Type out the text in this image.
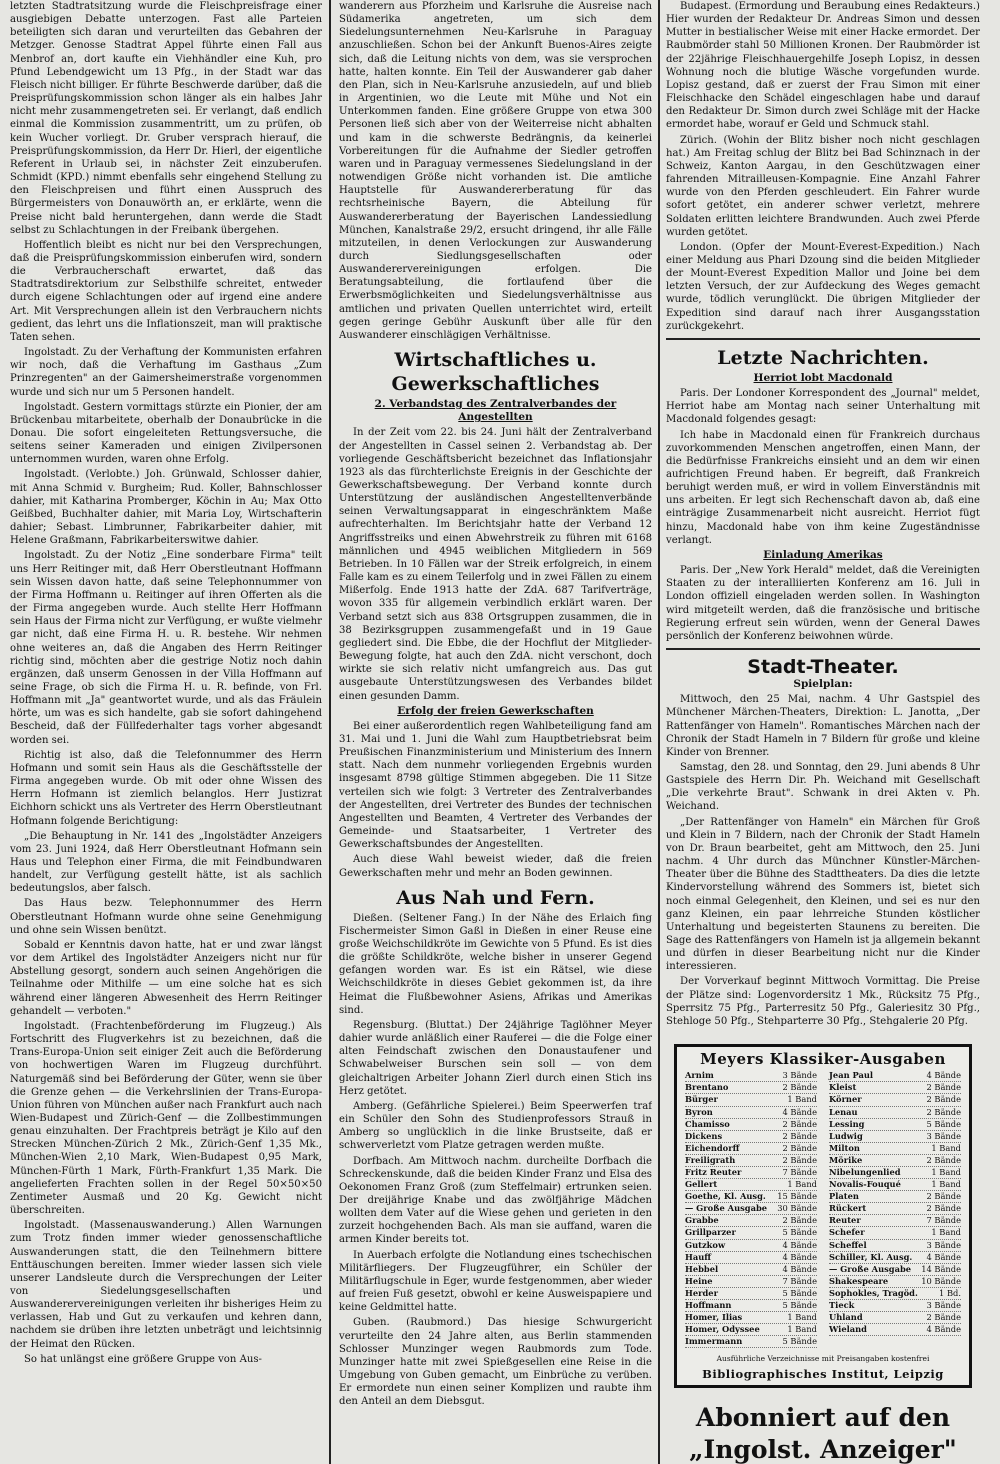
letzten Stadtratsitzung wurde die Fleischpreisfrage einer ausgiebigen Debatte unterzogen. Fast alle Parteien beteiligten sich daran und verurteilten das Gebahren der Metzger. Genosse Stadtrat Appel führte einen Fall aus Menbrof an, dort kaufte ein Viehhändler eine Kuh, pro Pfund Lebendgewicht um 13 Pfg., in der Stadt war das Fleisch nicht billiger. Er führte Beschwerde darüber, daß die Preisprüfungskommission schon länger als ein halbes Jahr nicht mehr zusammengetreten sei. Er verlangt, daß endlich einmal die Kommission zusammentritt, um zu prüfen, ob kein Wucher vorliegt. Dr. Gruber versprach hierauf, die Preisprüfungskommission, da Herr Dr. Hierl, der eigentliche Referent in Urlaub sei, in nächster Zeit einzuberufen. Schmidt (KPD.) nimmt ebenfalls sehr eingehend Stellung zu den Fleischpreisen und führt einen Ausspruch des Bürgermeisters von Donauwörth an, er erklärte, wenn die Preise nicht bald heruntergehen, dann werde die Stadt selbst zu Schlachtungen in der Freibank übergehen.

Hoffentlich bleibt es nicht nur bei den Versprechungen, daß die Preisprüfungskommission einberufen wird, sondern die Verbraucherschaft erwartet, daß das Stadtratsdirektorium zur Selbsthilfe schreitet, entweder durch eigene Schlachtungen oder auf irgend eine andere Art. Mit Versprechungen allein ist den Verbrauchern nichts gedient, das lehrt uns die Inflationszeit, man will praktische Taten sehen.

Ingolstadt. Zu der Verhaftung der Kommunisten erfahren wir noch, daß die Verhaftung im Gasthaus „Zum Prinzregenten" an der Gaimersheimerstraße vorgenommen wurde und sich nur um 5 Personen handelt.

Ingolstadt. Gestern vormittags stürzte ein Pionier, der am Brückenbau mitarbeitete, oberhalb der Donaubrücke in die Donau. Die sofort eingeleiteten Rettungsversuche, die seitens seiner Kameraden und einigen Zivilpersonen unternommen wurden, waren ohne Erfolg.

Ingolstadt. (Verlobte.) Joh. Grünwald, Schlosser dahier, mit Anna Schmid v. Burgheim; Rud. Koller, Bahnschlosser dahier, mit Katharina Promberger, Köchin in Au; Max Otto Geißbed, Buchhalter dahier, mit Maria Loy, Wirtschafterin dahier; Sebast. Limbrunner, Fabrikarbeiter dahier, mit Helene Graßmann, Fabrikarbeiterswitwe dahier.

Ingolstadt. Zu der Notiz „Eine sonderbare Firma" teilt uns Herr Reitinger mit, daß Herr Oberstleutnant Hoffmann sein Wissen davon hatte, daß seine Telephonnummer von der Firma Hoffmann u. Reitinger auf ihren Offerten als die der Firma angegeben wurde. Auch stellte Herr Hoffmann sein Haus der Firma nicht zur Verfügung, er wußte vielmehr gar nicht, daß eine Firma H. u. R. bestehe. Wir nehmen ohne weiteres an, daß die Angaben des Herrn Reitinger richtig sind, möchten aber die gestrige Notiz noch dahin ergänzen, daß unserm Genossen in der Villa Hoffmann auf seine Frage, ob sich die Firma H. u. R. befinde, von Frl. Hoffmann mit „Ja" geantwortet wurde, und als das Fräulein hörte, um was es sich handelte, gab sie sofort dahingehend Bescheid, daß der Füllfederhalter tags vorher abgesandt worden sei.

Richtig ist also, daß die Telefonnummer des Herrn Hofmann und somit sein Haus als die Geschäftsstelle der Firma angegeben wurde. Ob mit oder ohne Wissen des Herrn Hofmann ist ziemlich belanglos. Herr Justizrat Eichhorn schickt uns als Vertreter des Herrn Oberstleutnant Hofmann folgende Berichtigung:

„Die Behauptung in Nr. 141 des „Ingolstädter Anzeigers vom 23. Juni 1924, daß Herr Oberstleutnant Hofmann sein Haus und Telephon einer Firma, die mit Feindbundwaren handelt, zur Verfügung gestellt hätte, ist als sachlich bedeutungslos, aber falsch.

Das Haus bezw. Telephonnummer des Herrn Oberstleutnant Hofmann wurde ohne seine Genehmigung und ohne sein Wissen benützt.

Sobald er Kenntnis davon hatte, hat er und zwar längst vor dem Artikel des Ingolstädter Anzeigers nicht nur für Abstellung gesorgt, sondern auch seinen Angehörigen die Teilnahme oder Mithilfe — um eine solche hat es sich während einer längeren Abwesenheit des Herrn Reitinger gehandelt — verboten."

Ingolstadt. (Frachtenbeförderung im Flugzeug.) Als Fortschritt des Flugverkehrs ist zu bezeichnen, daß die Trans-Europa-Union seit einiger Zeit auch die Beförderung von hochwertigen Waren im Flugzeug durchführt. Naturgemäß sind bei Beförderung der Güter, wenn sie über die Grenze gehen — die Verkehrslinien der Trans-Europa-Union führen von München außer nach Frankfurt auch nach Wien-Budapest und Zürich-Genf — die Zollbestimmungen genau einzuhalten. Der Frachtpreis beträgt je Kilo auf den Strecken München-Zürich 2 Mk., Zürich-Genf 1,35 Mk., München-Wien 2,10 Mark, Wien-Budapest 0,95 Mark, München-Fürth 1 Mark, Fürth-Frankfurt 1,35 Mark. Die angelieferten Frachten sollen in der Regel 50×50×50 Zentimeter Ausmaß und 20 Kg. Gewicht nicht überschreiten.

Ingolstadt. (Massenauswanderung.) Allen Warnungen zum Trotz finden immer wieder genossenschaftliche Auswanderungen statt, die den Teilnehmern bittere Enttäuschungen bereiten. Immer wieder lassen sich viele unserer Landsleute durch die Versprechungen der Leiter von Siedelungsgesellschaften und Auswanderervereinigungen verleiten ihr bisheriges Heim zu verlassen, Hab und Gut zu verkaufen und kehren dann, nachdem sie drüben ihre letzten unbeträgt und leichtsinnig der Heimat den Rücken.

So hat unlängst eine größere Gruppe von Aus-

wanderern aus Pforzheim und Karlsruhe die Ausreise nach Südamerika angetreten, um sich dem Siedelungsunternehmen Neu-Karlsruhe in Paraguay anzuschließen. Schon bei der Ankunft Buenos-Aires zeigte sich, daß die Leitung nichts von dem, was sie versprochen hatte, halten konnte. Ein Teil der Auswanderer gab daher den Plan, sich in Neu-Karlsruhe anzusiedeln, auf und blieb in Argentinien, wo die Leute mit Mühe und Not ein Unterkommen fanden. Eine größere Gruppe von etwa 300 Personen ließ sich aber von der Weiterreise nicht abhalten und kam in die schwerste Bedrängnis, da keinerlei Vorbereitungen für die Aufnahme der Siedler getroffen waren und in Paraguay vermessenes Siedelungsland in der notwendigen Größe nicht vorhanden ist. Die amtliche Hauptstelle für Auswandererberatung für das rechtsrheinische Bayern, die Abteilung für Auswandererberatung der Bayerischen Landessiedlung München, Kanalstraße 29/2, ersucht dringend, ihr alle Fälle mitzuteilen, in denen Verlockungen zur Auswanderung durch Siedlungsgesellschaften oder Auswanderervereinigungen erfolgen. Die Beratungsabteilung, die fortlaufend über die Erwerbsmöglichkeiten und Siedelungsverhältnisse aus amtlichen und privaten Quellen unterrichtet wird, erteilt gegen geringe Gebühr Auskunft über alle für den Auswanderer einschlägigen Verhältnisse.

Wirtschaftliches u. Gewerkschaftliches
2. Verbandstag des Zentralverbandes der Angestellten

In der Zeit vom 22. bis 24. Juni hält der Zentralverband der Angestellten in Cassel seinen 2. Verbandstag ab. Der vorliegende Geschäftsbericht bezeichnet das Inflationsjahr 1923 als das fürchterlichste Ereignis in der Geschichte der Gewerkschaftsbewegung. Der Verband konnte durch Unterstützung der ausländischen Angestelltenverbände seinen Verwaltungsapparat in eingeschränktem Maße aufrechterhalten. Im Berichtsjahr hatte der Verband 12 Angriffsstreiks und einen Abwehrstreik zu führen mit 6168 männlichen und 4945 weiblichen Mitgliedern in 569 Betrieben. In 10 Fällen war der Streik erfolgreich, in einem Falle kam es zu einem Teilerfolg und in zwei Fällen zu einem Mißerfolg. Ende 1913 hatte der ZdA. 687 Tarifverträge, wovon 335 für allgemein verbindlich erklärt waren. Der Verband setzt sich aus 838 Ortsgruppen zusammen, die in 38 Bezirksgruppen zusammengefaßt und in 19 Gaue gegliedert sind. Die Ebbe, die der Hochflut der Mitglieder-Bewegung folgte, hat auch den ZdA. nicht verschont, doch wirkte sie sich relativ nicht umfangreich aus. Das gut ausgebaute Unterstützungswesen des Verbandes bildet einen gesunden Damm.

Erfolg der freien Gewerkschaften

Bei einer außerordentlich regen Wahlbeteiligung fand am 31. Mai und 1. Juni die Wahl zum Hauptbetriebsrat beim Preußischen Finanzministerium und Ministerium des Innern statt. Nach dem nunmehr vorliegenden Ergebnis wurden insgesamt 8798 gültige Stimmen abgegeben. Die 11 Sitze verteilen sich wie folgt: 3 Vertreter des Zentralverbandes der Angestellten, drei Vertreter des Bundes der technischen Angestellten und Beamten, 4 Vertreter des Verbandes der Gemeinde- und Staatsarbeiter, 1 Vertreter des Gewerkschaftsbundes der Angestellten.

Auch diese Wahl beweist wieder, daß die freien Gewerkschaften mehr und mehr an Boden gewinnen.

Aus Nah und Fern.

Dießen. (Seltener Fang.) In der Nähe des Erlaich fing Fischermeister Simon Gaßl in Dießen in einer Reuse eine große Weichschildkröte im Gewichte von 5 Pfund. Es ist dies die größte Schildkröte, welche bisher in unserer Gegend gefangen worden war. Es ist ein Rätsel, wie diese Weichschildkröte in dieses Gebiet gekommen ist, da ihre Heimat die Flußbewohner Asiens, Afrikas und Amerikas sind.

Regensburg. (Bluttat.) Der 24jährige Taglöhner Meyer dahier wurde anläßlich einer Rauferei — die die Folge einer alten Feindschaft zwischen den Donaustaufener und Schwabelweiser Burschen sein soll — von dem gleichaltrigen Arbeiter Johann Zierl durch einen Stich ins Herz getötet.

Amberg. (Gefährliche Spielerei.) Beim Speerwerfen traf ein Schüler den Sohn des Studienprofessors Strauß in Amberg so unglücklich in die linke Brustseite, daß er schwerverletzt vom Platze getragen werden mußte.

Dorfbach. Am Mittwoch nachm. durcheilte Dorfbach die Schreckenskunde, daß die beiden Kinder Franz und Elsa des Oekonomen Franz Groß (zum Steffelmair) ertrunken seien. Der dreijährige Knabe und das zwölfjährige Mädchen wollten dem Vater auf die Wiese gehen und gerieten in den zurzeit hochgehenden Bach. Als man sie auffand, waren die armen Kinder bereits tot.

In Auerbach erfolgte die Notlandung eines tschechischen Militärfliegers. Der Flugzeugführer, ein Schüler der Militärflugschule in Eger, wurde festgenommen, aber wieder auf freien Fuß gesetzt, obwohl er keine Ausweispapiere und keine Geldmittel hatte.

Guben. (Raubmord.) Das hiesige Schwurgericht verurteilte den 24 Jahre alten, aus Berlin stammenden Schlosser Munzinger wegen Raubmords zum Tode. Munzinger hatte mit zwei Spießgesellen eine Reise in die Umgebung von Guben gemacht, um Einbrüche zu verüben. Er ermordete nun einen seiner Komplizen und raubte ihm den Anteil an dem Diebsgut.

Budapest. (Ermordung und Beraubung eines Redakteurs.) Hier wurden der Redakteur Dr. Andreas Simon und dessen Mutter in bestialischer Weise mit einer Hacke ermordet. Der Raubmörder stahl 50 Millionen Kronen. Der Raubmörder ist der 22jährige Fleischhauergehilfe Joseph Lopisz, in dessen Wohnung noch die blutige Wäsche vorgefunden wurde. Lopisz gestand, daß er zuerst der Frau Simon mit einer Fleischhacke den Schädel eingeschlagen habe und darauf den Redakteur Dr. Simon durch zwei Schläge mit der Hacke ermordet habe, worauf er Geld und Schmuck stahl.

Zürich. (Wohin der Blitz bisher noch nicht geschlagen hat.) Am Freitag schlug der Blitz bei Bad Schinznach in der Schweiz, Kanton Aargau, in den Geschützwagen einer fahrenden Mitrailleusen-Kompagnie. Eine Anzahl Fahrer wurde von den Pferden geschleudert. Ein Fahrer wurde sofort getötet, ein anderer schwer verletzt, mehrere Soldaten erlitten leichtere Brandwunden. Auch zwei Pferde wurden getötet.

London. (Opfer der Mount-Everest-Expedition.) Nach einer Meldung aus Phari Dzoung sind die beiden Mitglieder der Mount-Everest Expedition Mallor und Joine bei dem letzten Versuch, der zur Aufdeckung des Weges gemacht wurde, tödlich verunglückt. Die übrigen Mitglieder der Expedition sind darauf nach ihrer Ausgangsstation zurückgekehrt.

Letzte Nachrichten.
Herriot lobt Macdonald

Paris. Der Londoner Korrespondent des „Journal" meldet, Herriot habe am Montag nach seiner Unterhaltung mit Macdonald folgendes gesagt:

Ich habe in Macdonald einen für Frankreich durchaus zuvorkommenden Menschen angetroffen, einen Mann, der die Bedürfnisse Frankreichs einsieht und an dem wir einen aufrichtigen Freund haben. Er begreift, daß Frankreich beruhigt werden muß, er wird in vollem Einverständnis mit uns arbeiten. Er legt sich Rechenschaft davon ab, daß eine einträgige Zusammenarbeit nicht ausreicht. Herriot fügt hinzu, Macdonald habe von ihm keine Zugeständnisse verlangt.

Einladung Amerikas

Paris. Der „New York Herald" meldet, daß die Vereinigten Staaten zu der interalliierten Konferenz am 16. Juli in London offiziell eingeladen werden sollen. In Washington wird mitgeteilt werden, daß die französische und britische Regierung erfreut sein würden, wenn der General Dawes persönlich der Konferenz beiwohnen würde.

Stadt-Theater.
Spielplan:

Mittwoch, den 25 Mai, nachm. 4 Uhr Gastspiel des Münchener Märchen-Theaters, Direktion: L. Janotta, „Der Rattenfänger von Hameln". Romantisches Märchen nach der Chronik der Stadt Hameln in 7 Bildern für große und kleine Kinder von Brenner.

Samstag, den 28. und Sonntag, den 29. Juni abends 8 Uhr Gastspiele des Herrn Dir. Ph. Weichand mit Gesellschaft „Die verkehrte Braut". Schwank in drei Akten v. Ph. Weichand.

„Der Rattenfänger von Hameln" ein Märchen für Groß und Klein in 7 Bildern, nach der Chronik der Stadt Hameln von Dr. Braun bearbeitet, geht am Mittwoch, den 25. Juni nachm. 4 Uhr durch das Münchner Künstler-Märchen-Theater über die Bühne des Stadttheaters. Da dies die letzte Kindervorstellung während des Sommers ist, bietet sich noch einmal Gelegenheit, den Kleinen, und sei es nur den ganz Kleinen, ein paar lehrreiche Stunden köstlicher Unterhaltung und begeisterten Staunens zu bereiten. Die Sage des Rattenfängers von Hameln ist ja allgemein bekannt und dürfen in dieser Bearbeitung nicht nur die Kinder interessieren.

Der Vorverkauf beginnt Mittwoch Vormittag. Die Preise der Plätze sind: Logenvordersitz 1 Mk., Rücksitz 75 Pfg., Sperrsitz 75 Pfg., Parterresitz 50 Pfg., Galeriesitz 30 Pfg., Stehloge 50 Pfg., Stehparterre 30 Pfg., Stehgalerie 20 Pfg.

Meyers Klassiker-Ausgaben
Arnim	3 Bände
Brentano	2 Bände
Bürger	1 Band
Byron	4 Bände
Chamisso	2 Bände
Dickens	2 Bände
Eichendorff	2 Bände
Freiligrath	2 Bände
Fritz Reuter	7 Bände
Gellert	1 Band
Goethe, Kl. Ausg. 15 Bände
— Große Ausgabe 30 Bände
Grabbe	2 Bände
Grillparzer	5 Bände
Gutzkow	4 Bände
Hauff	4 Bände
Hebbel	4 Bände
Heine	7 Bände
Herder	5 Bände
Hoffmann	5 Bände
Homer, Ilias	1 Band
Homer, Odyssee	1 Band
Immermann	5 Bände
Jean Paul	4 Bände
Kleist	2 Bände
Körner	2 Bände
Lenau	2 Bände
Lessing	5 Bände
Ludwig	3 Bände
Milton	1 Band
Mörike	2 Bände
Nibelungenlied	1 Band
Novalis-Fouqué	1 Band
Platen	2 Bände
Rückert	2 Bände
Reuter	7 Bände
Schefer	1 Band
Scheffel	3 Bände
Schiller, Kl. Ausg. 4 Bände
— Große Ausgabe 14 Bände
Shakespeare	10 Bände
Sophokles, Tragöd.	1 Bd.
Tieck	3 Bände
Uhland	2 Bände
Wieland	4 Bände
Ausführliche Verzeichnisse mit Preisangaben kostenfrei
Bibliographisches Institut, Leipzig
Abonniert auf den
„Ingolst. Anzeiger"
